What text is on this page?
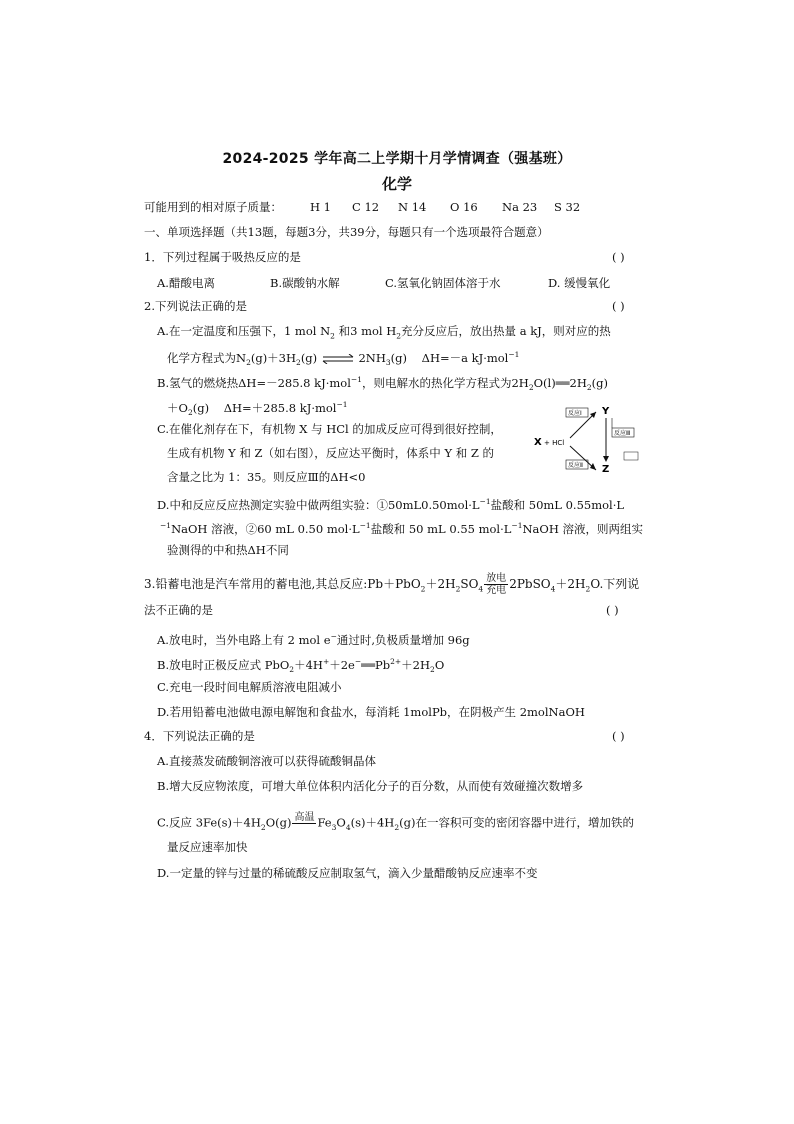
2024-2025 学年高二上学期十月学情调查（强基班）
化学
可能用到的相对原子质量： H 1 C 12 N 14 O 16 Na 23 S 32
一、单项选择题（共13题，每题3分，共39分，每题只有一个选项最符合题意）
1．下列过程属于吸热反应的是	( )
A.醋酸电离	B.碳酸钠水解	C.氢氧化钠固体溶于水	D. 缓慢氧化
2.下列说法正确的是	( )
A.在一定温度和压强下，1 mol $N_2$ 和3 mol $H_2$充分反应后，放出热量 a kJ，则对应的热
化学方程式为$N_2(g)+3H_2(g)$ ⇌ $2NH_3(g)$    ΔH=－a kJ·mol$^{-1}$
B.氢气的燃烧热ΔH=－285.8 kJ·mol$^{-1}$，则电解水的热化学方程式为$2H_2O(l)══2H_2(g)$
$+O_2(g)$    ΔH=＋285.8 kJ·mol$^{-1}$
C.在催化剂存在下，有机物 X 与 HCl 的加成反应可得到很好控制，
生成有机物 Y 和 Z（如右图），反应达平衡时，体系中 Y 和 Z 的
含量之比为 1：35。则反应Ⅲ的ΔH<0
X + HCl
反应Ⅰ
反应Ⅱ
Y
Z
反应Ⅲ
D.中和反应反应热测定实验中做两组实验：$①50mL0.50mol\cdot L^{-1}$盐酸和 50mL 0.55mol·L
$^{-1}$NaOH 溶液，②60 mL 0.50 $mol\cdot L^{-1}$盐酸和 50 mL 0.55 $mol\cdot L^{-1}NaOH$ 溶液，则两组实
验测得的中和热ΔH不同
3.铅蓄电池是汽车常用的蓄电池,其总反应$:Pb+PbO_2+2H_2SO_4 \frac{\text{放电}}{\text{充电}}$ $2PbSO_4+2H_2O$.下列说
法不正确的是	( )
A.放电时，当外电路上有 2 mol e−通过时,负极质量增加 96g
B.放电时正极反应式 $PbO_2+4H^++2e^-══Pb^{2+}+2H_2O$
C.充电一段时间电解质溶液电阻减小
D.若用铅蓄电池做电源电解饱和食盐水，每消耗 1molPb，在阴极产生 2molNaOH
4．下列说法正确的是	( )
A.直接蒸发硫酸铜溶液可以获得硫酸铜晶体
B.增大反应物浓度，可增大单位体积内活化分子的百分数，从而使有效碰撞次数增多
C.反应 $3Fe(s)+4H_2O(g)$ 高温
$Fe_3O_4(s)+4H_2(g)$在一容积可变的密闭容器中进行，增加铁的
量反应速率加快
D.一定量的锌与过量的稀硫酸反应制取氢气，滴入少量醋酸钠反应速率不变
